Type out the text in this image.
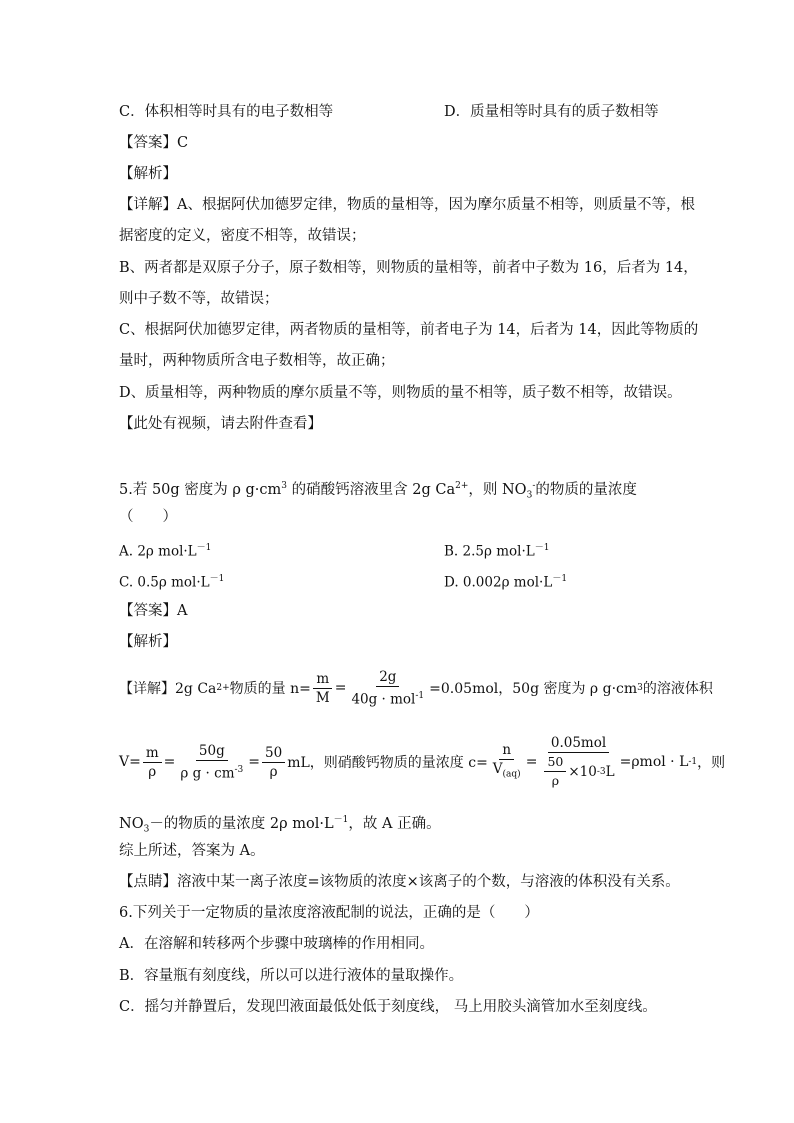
C．体积相等时具有的电子数相等	D．质量相等时具有的质子数相等
【答案】C
【解析】
【详解】A、根据阿伏加德罗定律，物质的量相等，因为摩尔质量不相等，则质量不等，根
据密度的定义，密度不相等，故错误；
B、两者都是双原子分子，原子数相等，则物质的量相等，前者中子数为 16，后者为 14，
则中子数不等，故错误；
C、根据阿伏加德罗定律，两者物质的量相等，前者电子为 14，后者为 14，因此等物质的
量时，两种物质所含电子数相等，故正确；
D、质量相等，两种物质的摩尔质量不等，则物质的量不相等，质子数不相等，故错误。
【此处有视频，请去附件查看】
5.若 50g 密度为 ρ $g\cdot cm^3$ 的硝酸钙溶液里含 2g $Ca^{2+}$，则 $NO_3^-$的物质的量浓度
（　　）
A. 2ρ $mol\cdot L^{-1}$	B. 2.5ρ $mol\cdot L^{-1}$
C. 0.5ρ $mol\cdot L^{-1}$	D. 0.002ρ $mol\cdot L^{-1}$
【答案】A
【解析】
【详解】2g Ca 2+ 物质的量 $n= \frac{m}{M} = \frac{2g}{40g \cdot mol^{-1}} =0.05mol$，50g 密度为 ρ g·cm 3 的溶液体积
$V= \frac{m}{\rho} = \frac{50g}{\rho g \cdot cm^{-3}} = \frac{50}{\rho}$ mL，则硝酸钙物质的量浓度 $c= \frac{n}{V_{(aq)}} = \frac{\text{0.05mol}}{\frac{50}{\rho} \times 10 -3 L} =\rho mol \cdot L$ -1 ，则
$NO_3-$的物质的量浓度 2ρ $mol\cdot L^{-1}$，故 A 正确。
综上所述，答案为 A。
【点睛】溶液中某一离子浓度=该物质的浓度×该离子的个数，与溶液的体积没有关系。
6.下列关于一定物质的量浓度溶液配制的说法，正确的是（　　）
A．在溶解和转移两个步骤中玻璃棒的作用相同。
B．容量瓶有刻度线，所以可以进行液体的量取操作。
C．摇匀并静置后，发现凹液面最低处低于刻度线， 马上用胶头滴管加水至刻度线。
